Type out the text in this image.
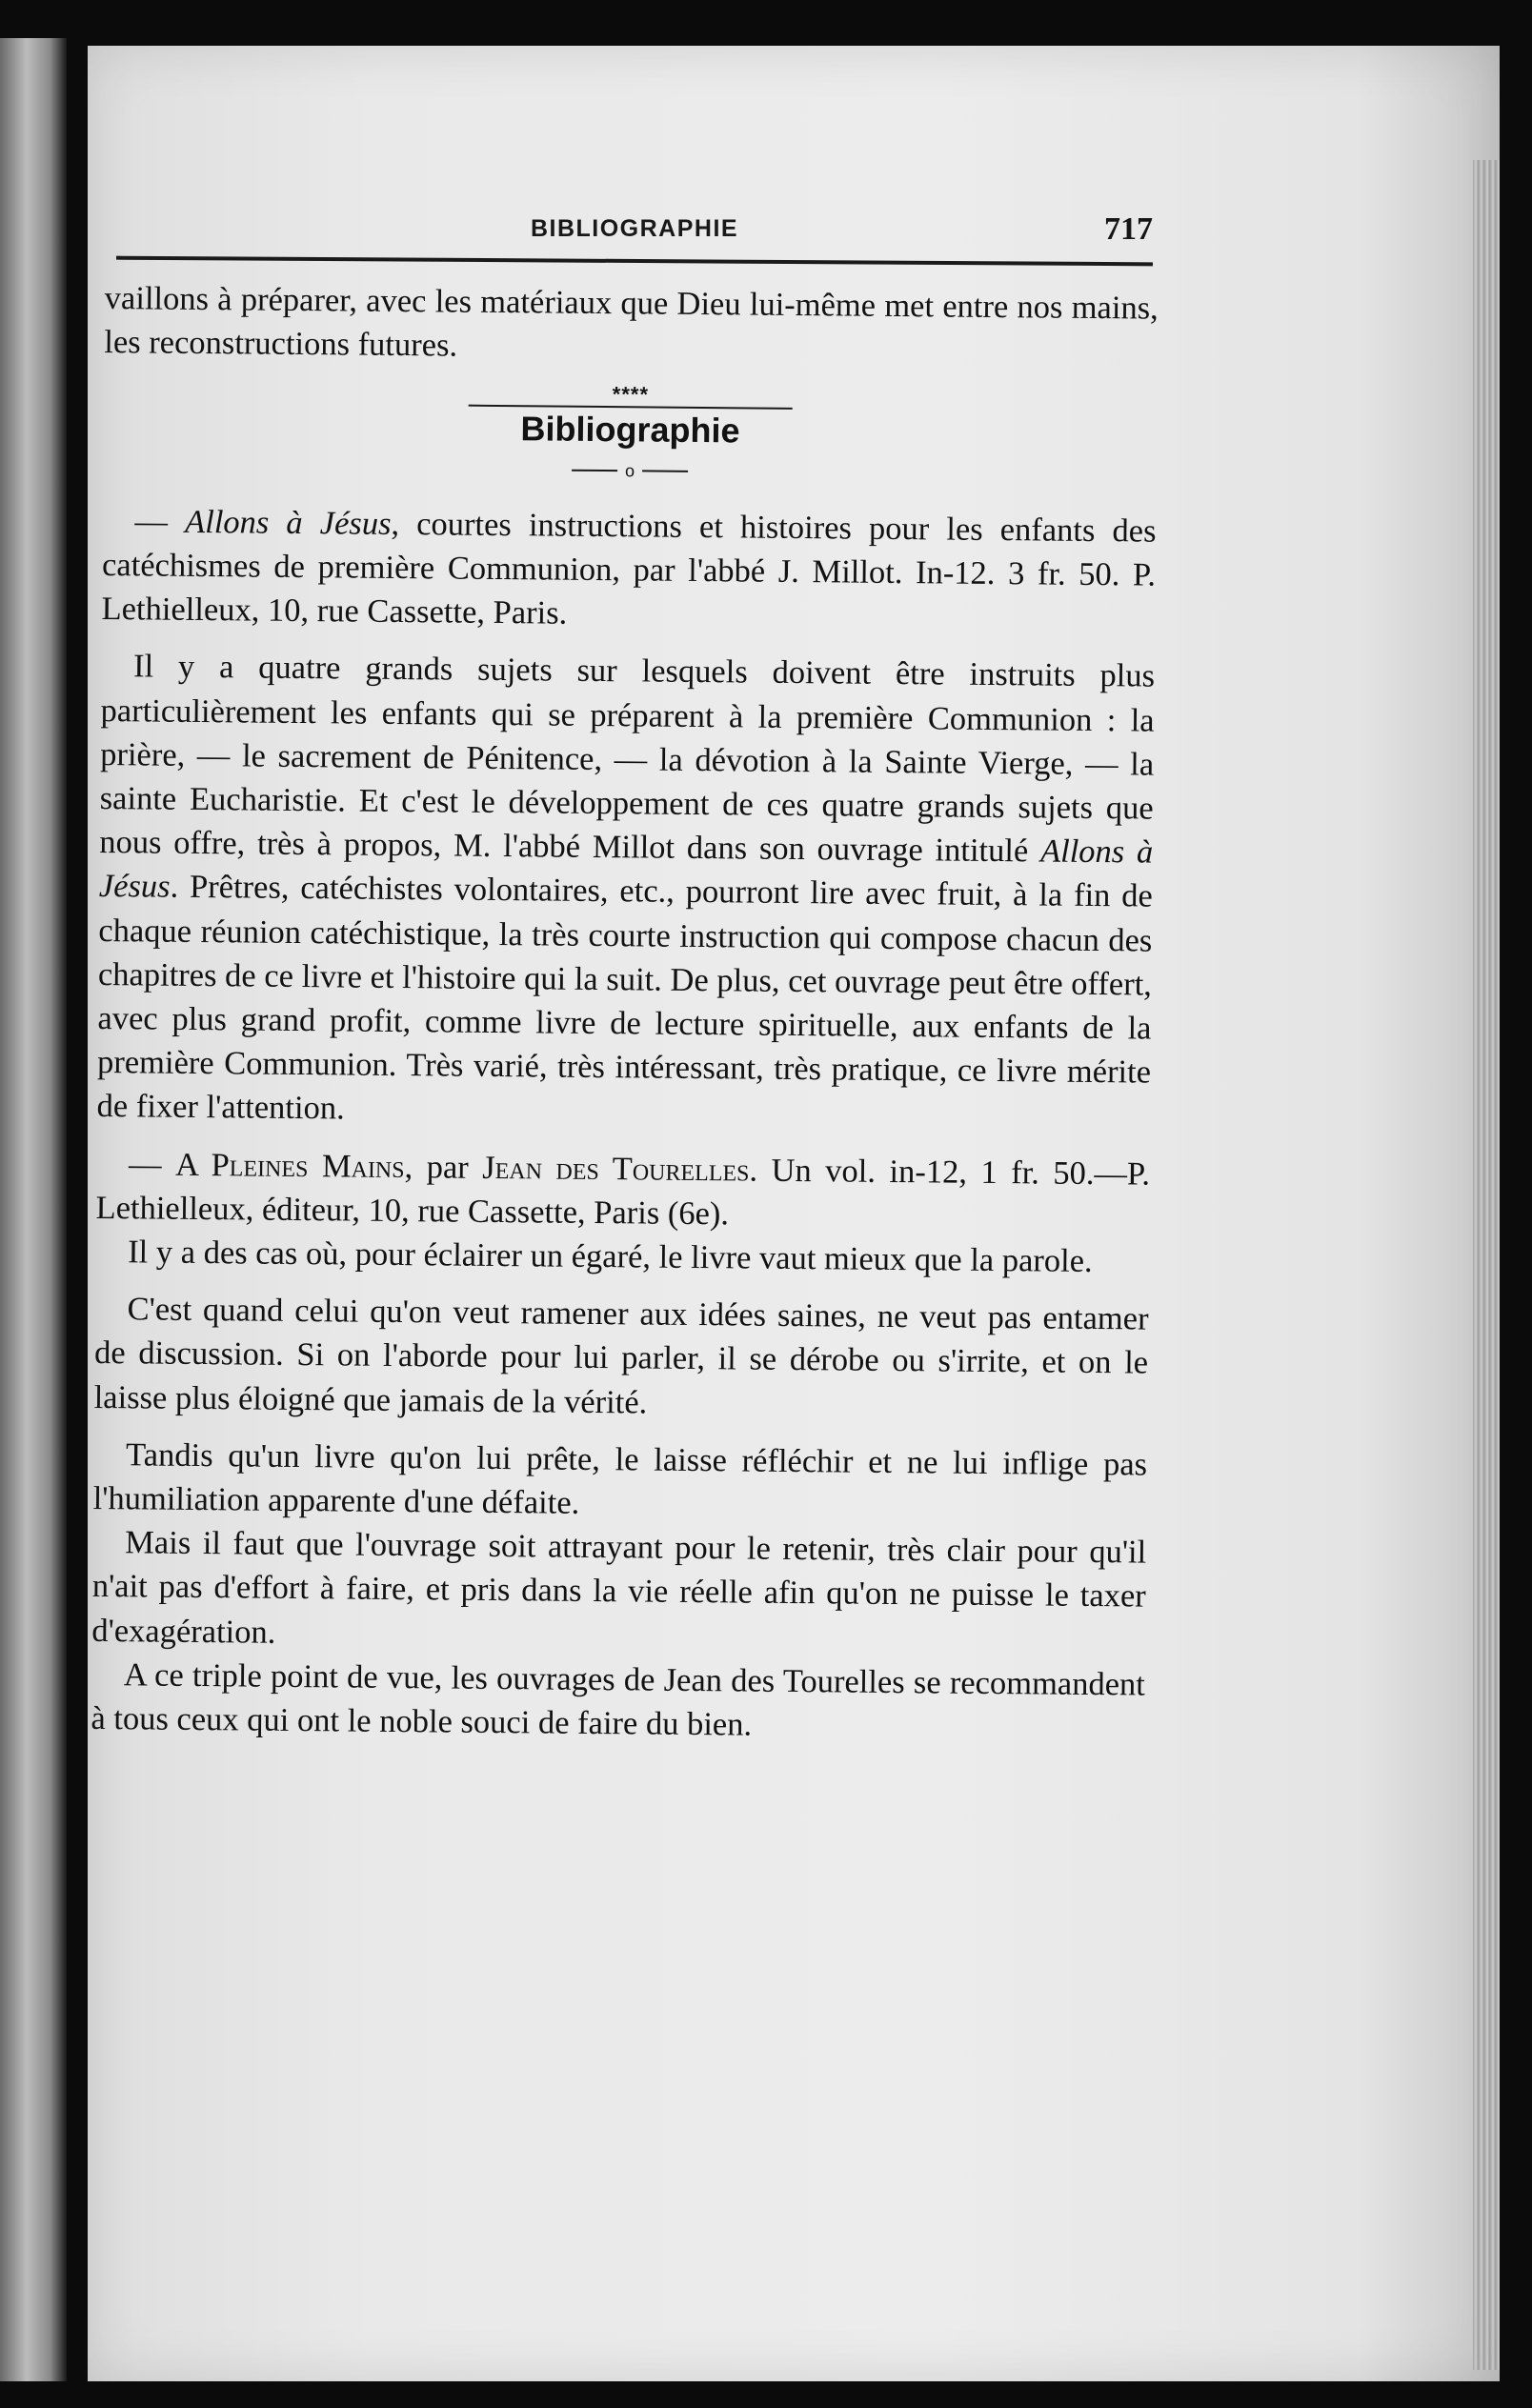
BIBLIOGRAPHIE	717

vaillons à préparer, avec les matériaux que Dieu lui-même met entre nos mains, les reconstructions futures.

****
Bibliographie
o

— Allons à Jésus, courtes instructions et histoires pour les enfants des catéchismes de première Communion, par l'abbé J. Millot. In-12. 3 fr. 50. P. Lethielleux, 10, rue Cassette, Paris.

Il y a quatre grands sujets sur lesquels doivent être instruits plus particulièrement les enfants qui se préparent à la première Communion : la prière, — le sacrement de Pénitence, — la dévotion à la Sainte Vierge, — la sainte Eucharistie. Et c'est le développement de ces quatre grands sujets que nous offre, très à propos, M. l'abbé Millot dans son ouvrage intitulé Allons à Jésus. Prêtres, catéchistes volontaires, etc., pourront lire avec fruit, à la fin de chaque réunion catéchistique, la très courte instruction qui compose chacun des chapitres de ce livre et l'histoire qui la suit. De plus, cet ouvrage peut être offert, avec plus grand profit, comme livre de lecture spirituelle, aux enfants de la première Communion. Très varié, très intéressant, très pratique, ce livre mérite de fixer l'attention.

— A Pleines Mains, par Jean des Tourelles. Un vol. in-12, 1 fr. 50.—P. Lethielleux, éditeur, 10, rue Cassette, Paris (6e).

Il y a des cas où, pour éclairer un égaré, le livre vaut mieux que la parole.

C'est quand celui qu'on veut ramener aux idées saines, ne veut pas entamer de discussion. Si on l'aborde pour lui parler, il se dérobe ou s'irrite, et on le laisse plus éloigné que jamais de la vérité.

Tandis qu'un livre qu'on lui prête, le laisse réfléchir et ne lui inflige pas l'humiliation apparente d'une défaite.

Mais il faut que l'ouvrage soit attrayant pour le retenir, très clair pour qu'il n'ait pas d'effort à faire, et pris dans la vie réelle afin qu'on ne puisse le taxer d'exagération.

A ce triple point de vue, les ouvrages de Jean des Tourelles se recommandent à tous ceux qui ont le noble souci de faire du bien.
